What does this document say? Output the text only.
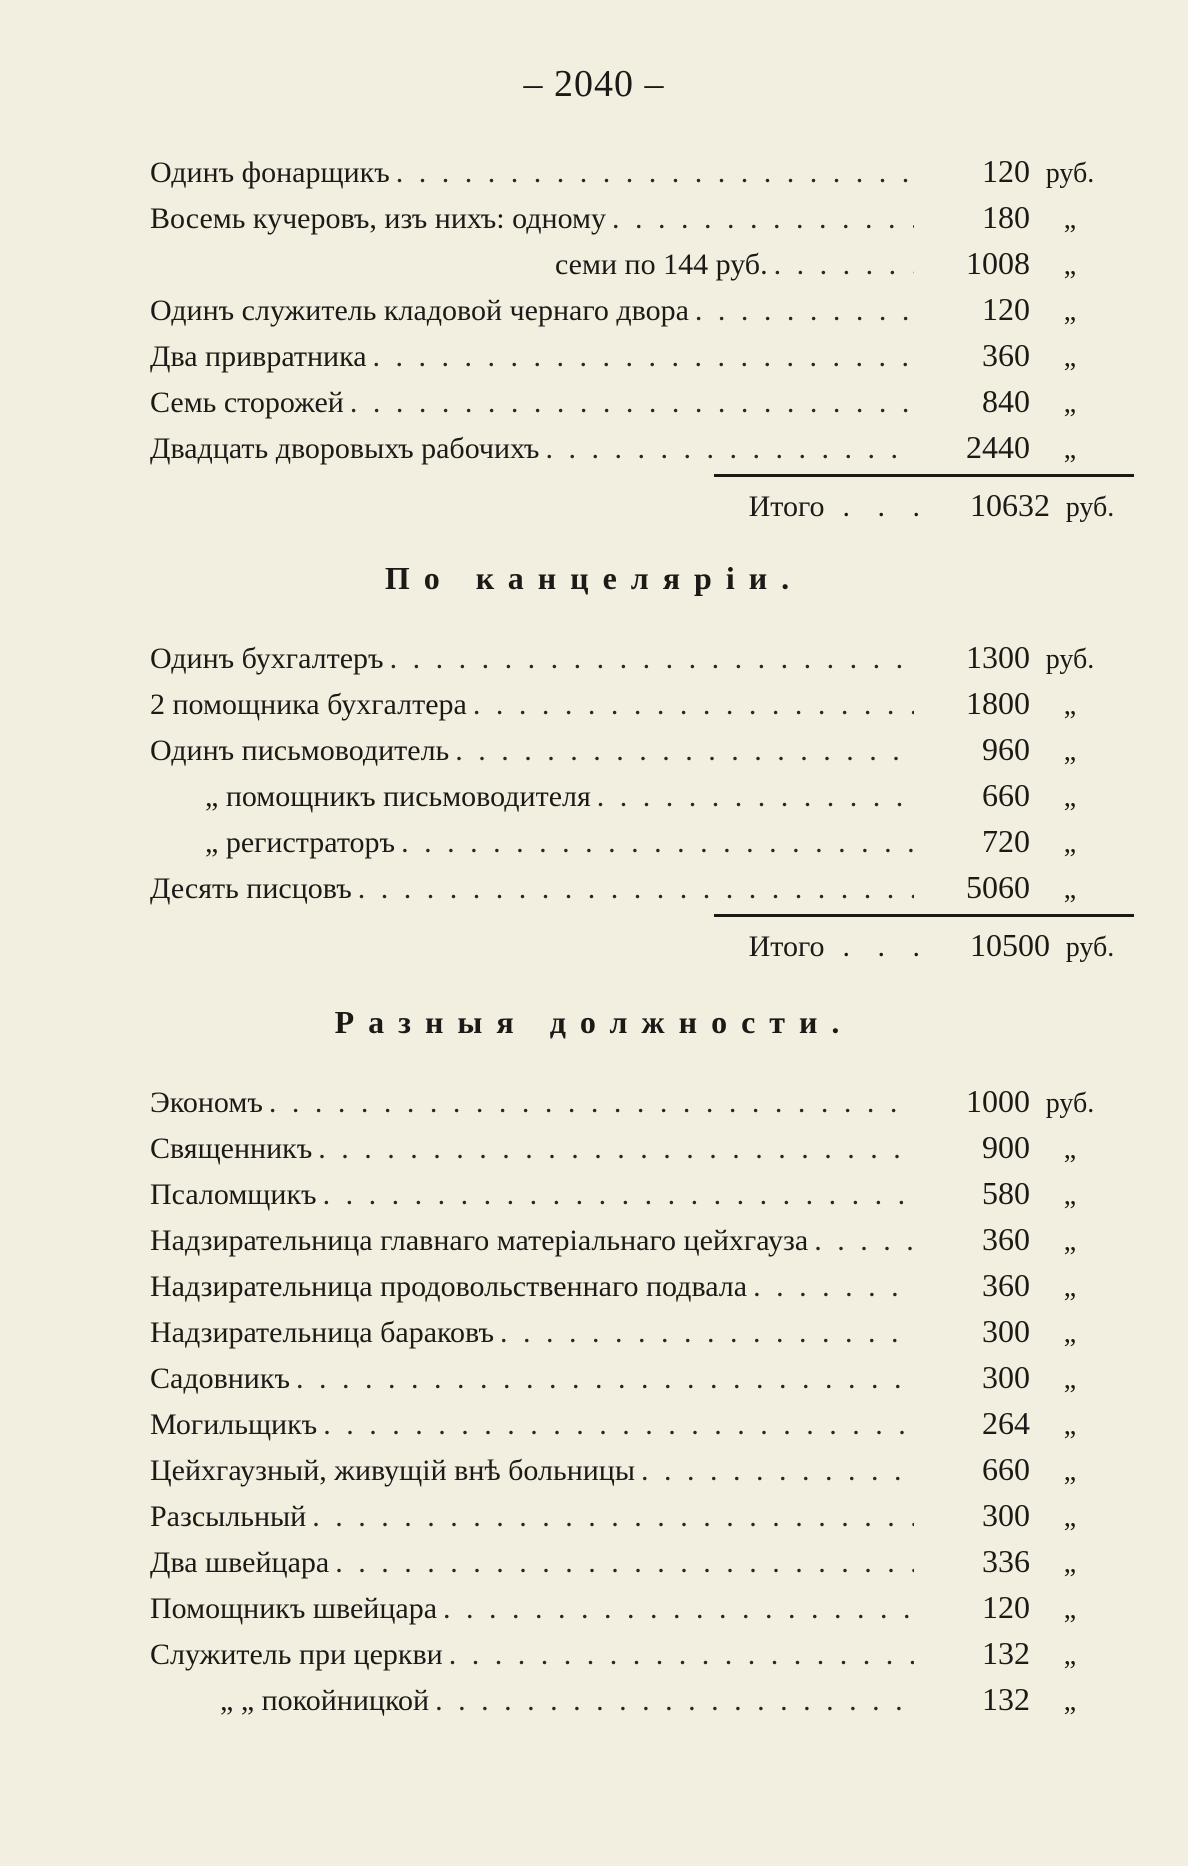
– 2040 –
Одинъ фонарщикъ . . .	120 руб.
Восемь кучеровъ, изъ нихъ: одному . . .	180	„
семи по 144 руб. . . .	1008	„
Одинъ служитель кладовой чернаго двора . . .	120	„
Два привратника . . .	360	„
Семь сторожей . . .	840	„
Двадцать дворовыхъ рабочихъ . . .	2440	„
Итого . . .	10632 руб.
По канцеляріи.
Одинъ бухгалтеръ . . .	1300 руб.
2 помощника бухгалтера . . .	1800	„
Одинъ письмоводитель . . .	960	„
„ помощникъ письмоводителя . . .	660	„
„ регистраторъ . . .	720	„
Десять писцовъ . . .	5060	„
Итого . . .	10500 руб.
Разныя должности.
Экономъ . . .	1000 руб.
Священникъ . . .	900	„
Псаломщикъ . . .	580	„
Надзирательница главнаго матеріальнаго цейхгауза . . .	360	„
Надзирательница продовольственнаго подвала . . .	360	„
Надзирательница бараковъ . . .	300	„
Садовникъ . . .	300	„
Могильщикъ . . .	264	„
Цейхгаузный, живущій внѣ больницы . . .	660	„
Разсыльный . . .	300	„
Два швейцара . . .	336	„
Помощникъ швейцара . . .	120	„
Служитель при церкви . . .	132	„
„ „ покойницкой . . .	132	„
